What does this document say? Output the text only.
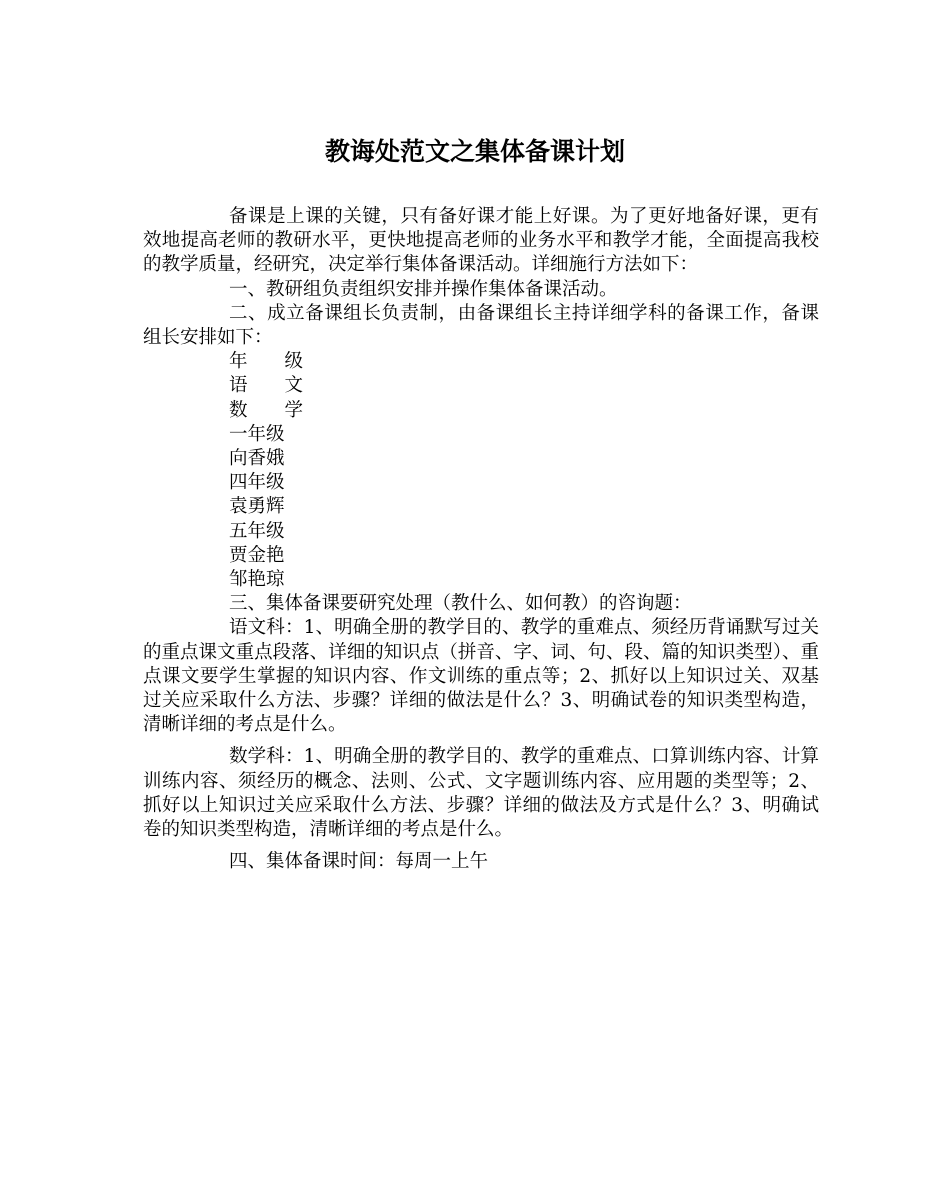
教诲处范文之集体备课计划

备课是上课的关键，只有备好课才能上好课。为了更好地备好课，更有效地提高老师的教研水平，更快地提高老师的业务水平和教学才能，全面提高我校的教学质量，经研究，决定举行集体备课活动。详细施行方法如下：

一、教研组负责组织安排并操作集体备课活动。

二、成立备课组长负责制，由备课组长主持详细学科的备课工作，备课组长安排如下：

年　　级

语　　文

数　　学

一年级

向香娥

四年级

袁勇辉

五年级

贾金艳

邹艳琼

三、集体备课要研究处理（教什么、如何教）的咨询题：

语文科：1、明确全册的教学目的、教学的重难点、须经历背诵默写过关的重点课文重点段落、详细的知识点（拼音、字、词、句、段、篇的知识类型）、重点课文要学生掌握的知识内容、作文训练的重点等；2、抓好以上知识过关、双基过关应采取什么方法、步骤？详细的做法是什么？3、明确试卷的知识类型构造，清晰详细的考点是什么。

数学科：1、明确全册的教学目的、教学的重难点、口算训练内容、计算训练内容、须经历的概念、法则、公式、文字题训练内容、应用题的类型等；2、抓好以上知识过关应采取什么方法、步骤？详细的做法及方式是什么？3、明确试卷的知识类型构造，清晰详细的考点是什么。

四、集体备课时间：每周一上午
